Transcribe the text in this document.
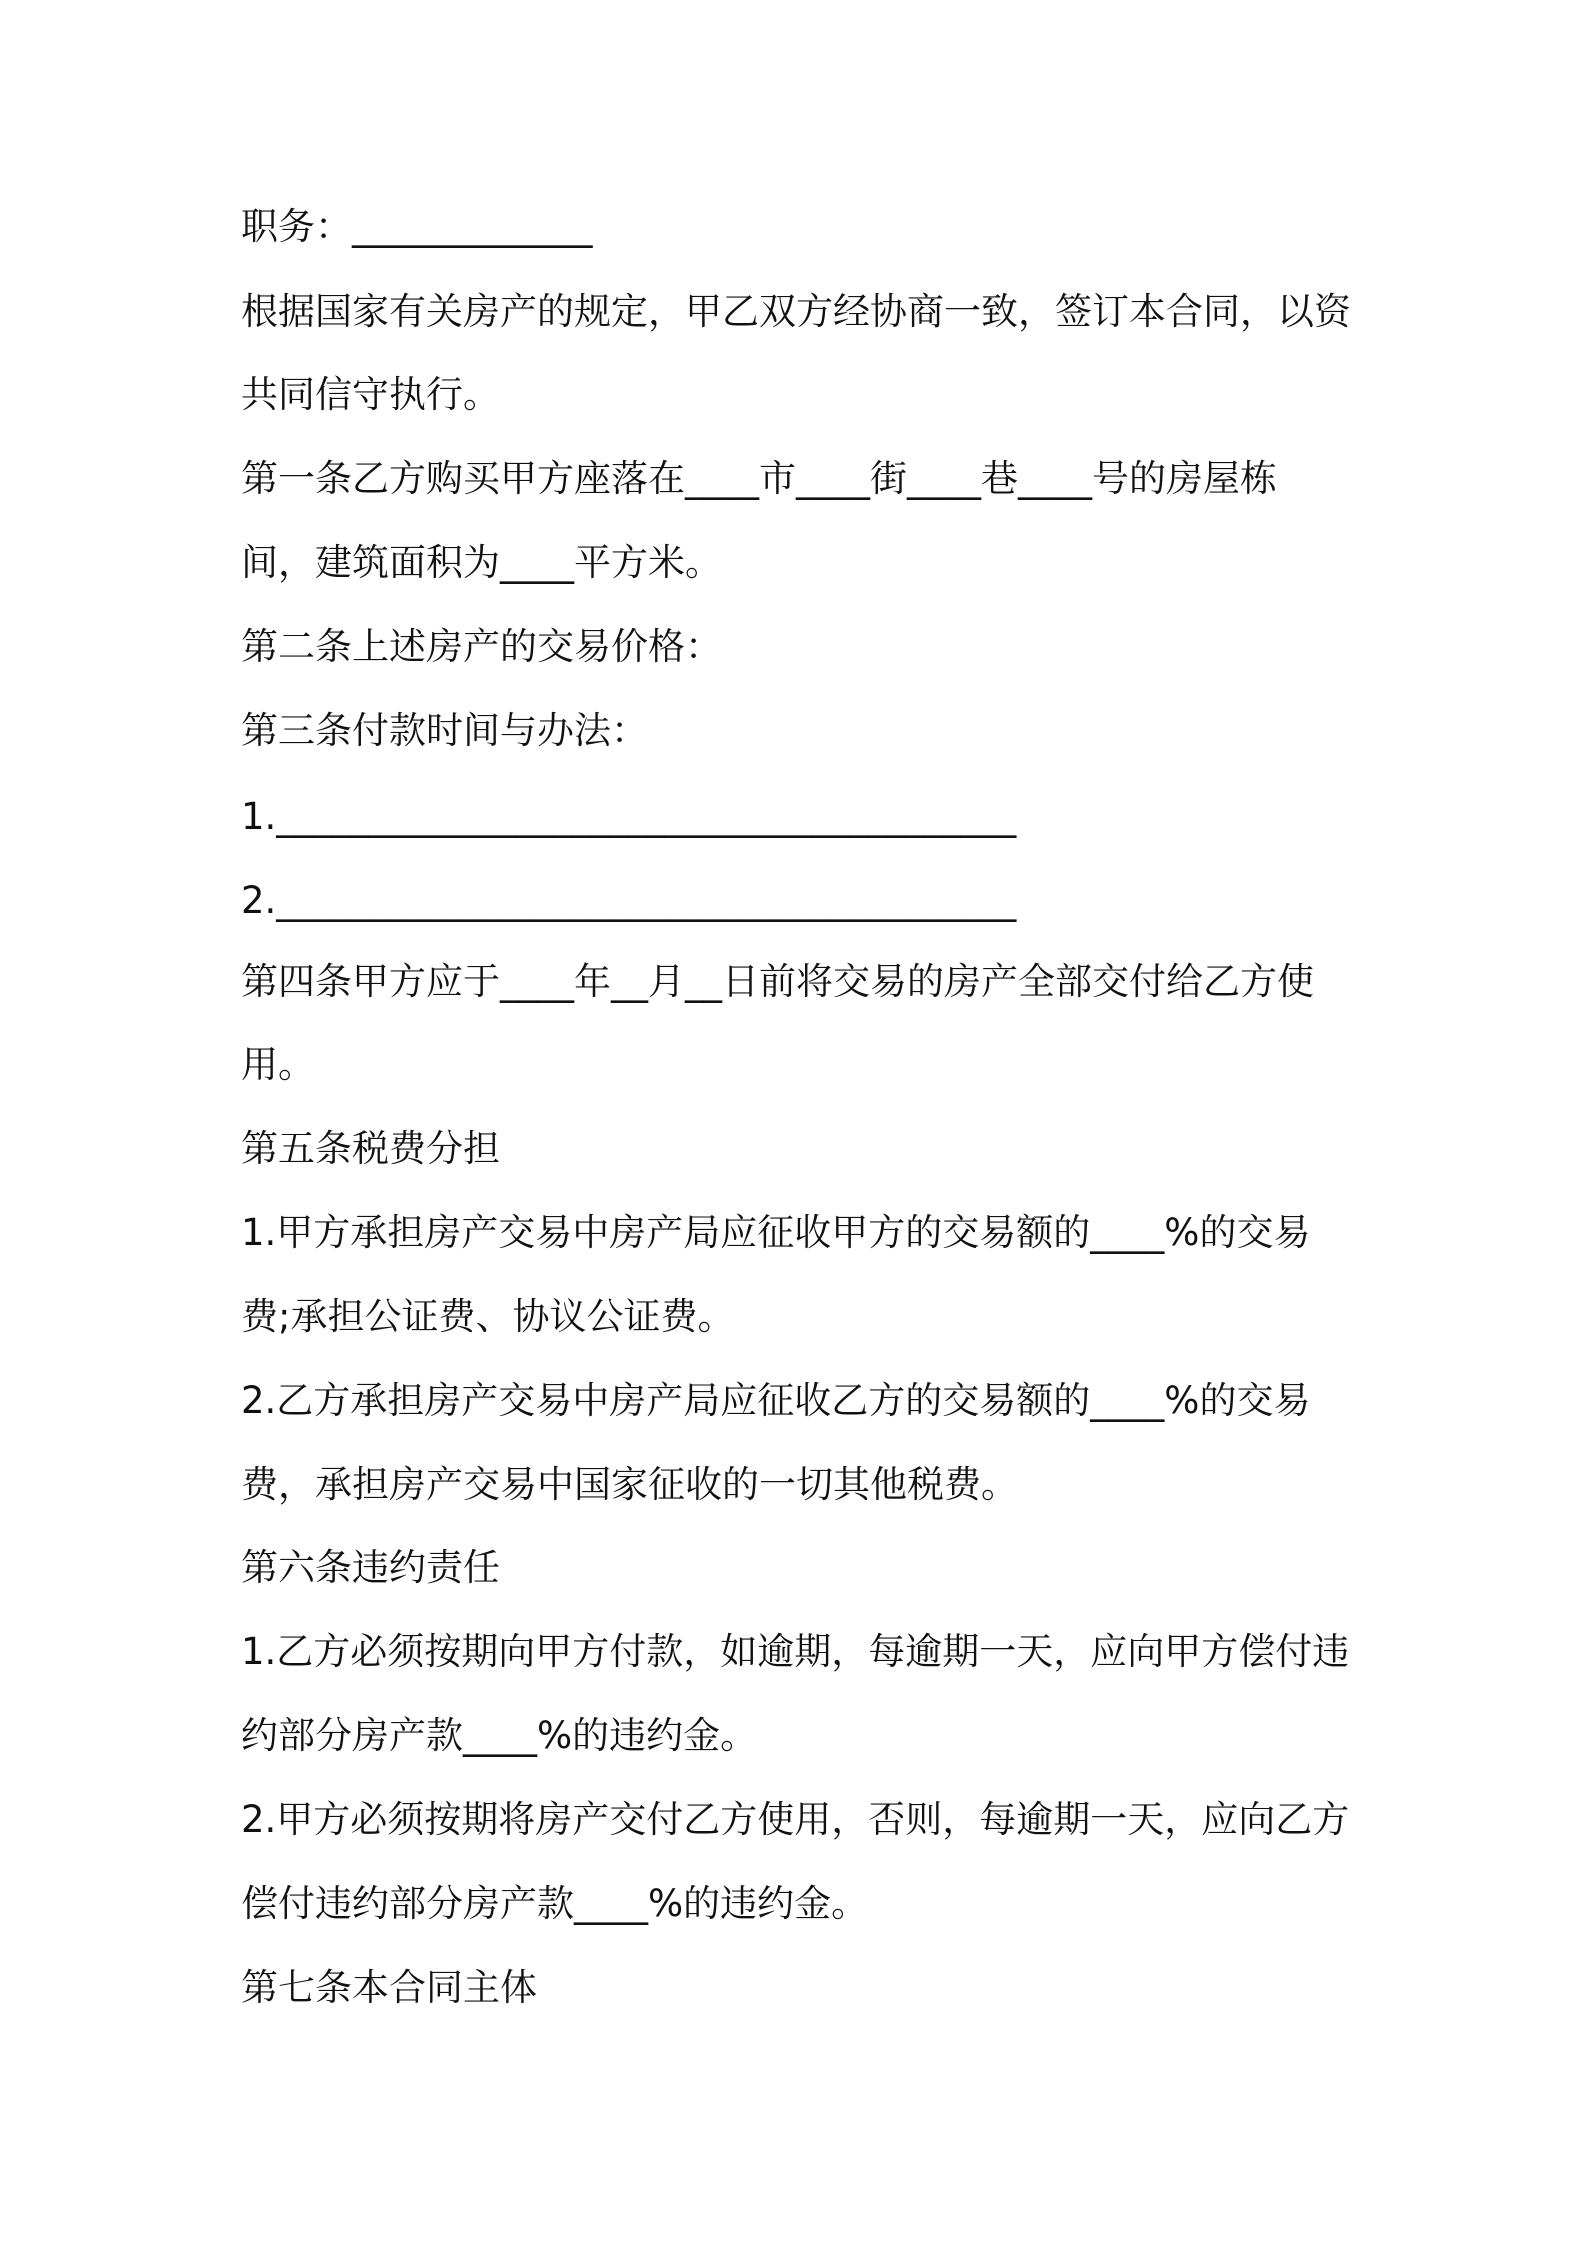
职务：_____________
根据国家有关房产的规定，甲乙双方经协商一致，签订本合同，以资
共同信守执行。
第一条乙方购买甲方座落在____市____街____巷____号的房屋栋
间，建筑面积为____平方米。
第二条上述房产的交易价格：
第三条付款时间与办法：
1.________________________________________
2.________________________________________
第四条甲方应于____年__月__日前将交易的房产全部交付给乙方使
用。
第五条税费分担
1.甲方承担房产交易中房产局应征收甲方的交易额的____%的交易
费;承担公证费、协议公证费。
2.乙方承担房产交易中房产局应征收乙方的交易额的____%的交易
费，承担房产交易中国家征收的一切其他税费。
第六条违约责任
1.乙方必须按期向甲方付款，如逾期，每逾期一天，应向甲方偿付违
约部分房产款____%的违约金。
2.甲方必须按期将房产交付乙方使用，否则，每逾期一天，应向乙方
偿付违约部分房产款____%的违约金。
第七条本合同主体
